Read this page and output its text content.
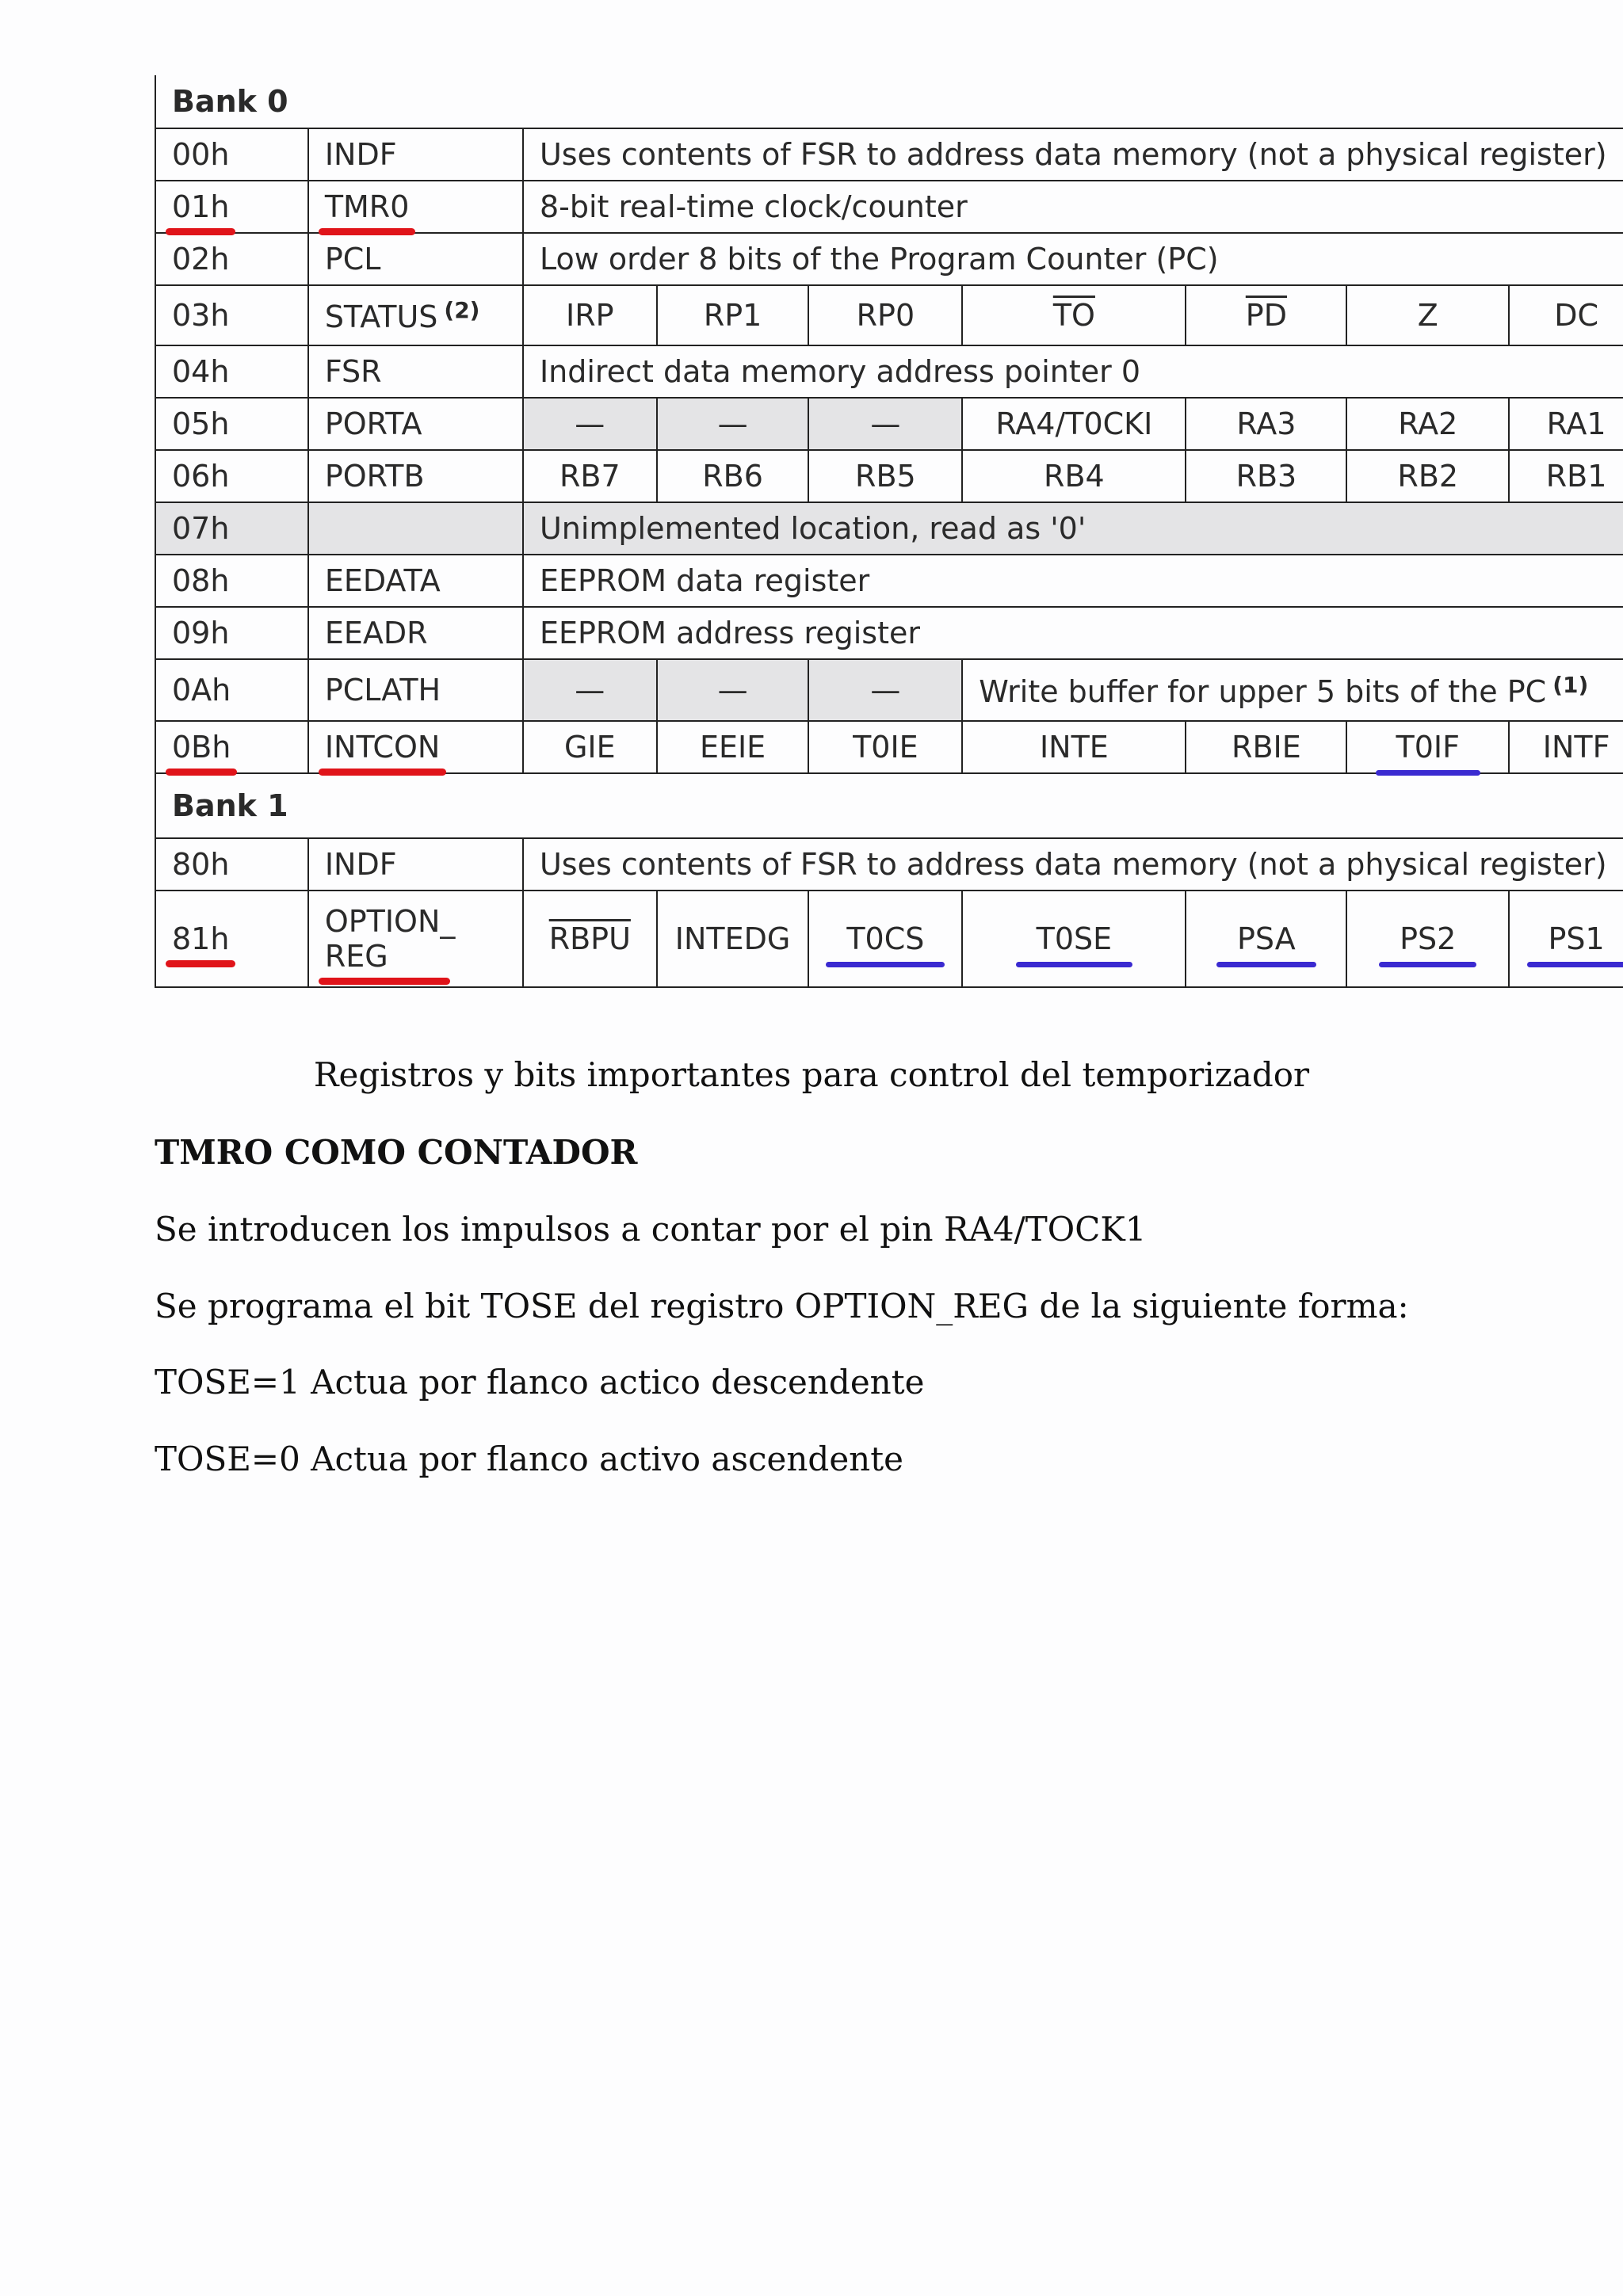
Bank 0								
00h	INDF	Uses contents of FSR to address data memory (not a physical register)						
01h	TMR0	8-bit real-time clock/counter						
02h	PCL	Low order 8 bits of the Program Counter (PC)						
03h	STATUS $^{(2)}$	IRP	RP1	RP0	$\overline{TO}$	$\overline{PD}$	Z	DC
04h	FSR	Indirect data memory address pointer 0						
05h	PORTA	—	—	—	RA4/T0CKI	RA3	RA2	RA1
06h	PORTB	RB7	RB6	RB5	RB4	RB3	RB2	RB1
07h		Unimplemented location, read as '0'						
08h	EEDATA	EEPROM data register						
09h	EEADR	EEPROM address register						
0Ah	PCLATH	—	—	—	Write buffer for upper 5 bits of the PC $^{(1)}$
0Bh	INTCON	GIE	EEIE	T0IE	INTE	RBIE	T0IF	INTF
Bank 1								
80h	INDF	Uses contents of FSR to address data memory (not a physical register)						
81h	OPTION_ REG	RBPU	INTEDG	T0CS	T0SE	PSA	PS2	PS1

Registros y bits importantes para control del temporizador

TMRO COMO CONTADOR

Se introducen los impulsos a contar por el pin RA4/TOCK1

Se programa el bit TOSE del registro OPTION_REG de la siguiente forma:

TOSE=1 Actua por flanco actico descendente

TOSE=0 Actua por flanco activo ascendente
